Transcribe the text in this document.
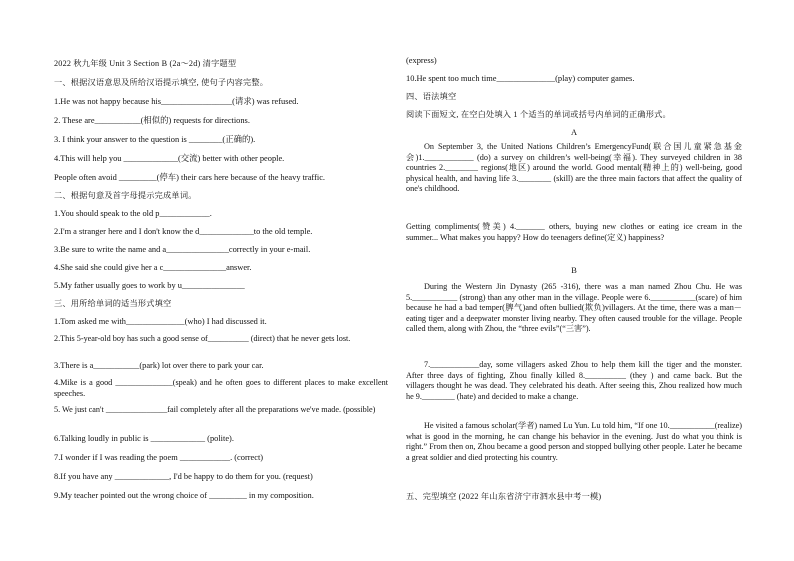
2022 秋九年级 Unit 3 Section B (2a～2d) 清字题型
一、根据汉语意思及所给汉语提示填空, 使句子内容完整。
1.He was not happy because his_________________(请求) was refused.
2. These are___________(相似的) requests for directions.
3. I think your answer to the question is ________(正确的).
4.This will help you _____________(交流) better with other people.
People often avoid _________(停车) their cars here because of the heavy traffic.
二、根据句意及首字母提示完成单词。
1.You should speak to the old p____________.
2.I'm a stranger here and I don't know the d_____________to the old temple.
3.Be sure to write the name and a_______________correctly in your e-mail.
4.She said she could give her a c_______________answer.
5.My father usually goes to work by u_______________
三、用所给单词的适当形式填空
1.Tom asked me with______________(who) I had discussed it.
2.This 5-year-old boy has such a good sense of__________ (direct) that he never gets lost.
3.There is a___________(park) lot over there to park your car.
4.Mike is a good ______________(speak) and he often goes to different places to make excellent speeches.
5. We just can't _______________fail completely after all the preparations we've made. (possible)
6.Talking loudly in public is _____________ (polite).
7.I wonder if I was reading the poem ____________. (correct)
8.If you have any _____________, I'd be happy to do them for you. (request)
9.My teacher pointed out the wrong choice of _________ in my composition.
(express)
10.He spent too much time______________(play) computer games.
四、语法填空
阅读下面短文, 在空白处填入 1 个适当的单词或括号内单词的正确形式。
A
On September 3, the United Nations Children’s EmergencyFund(联合国儿童紧急基金会)1.____________ (do) a survey on children’s well-being(幸福). They surveyed children in 38 countries 2.________ regions(地区) around the world. Good mental(精神上的) well-being, good physical health, and having life 3.________ (skill) are the three main factors that affect the quality of one's childhood.
Getting compliments(赞美) 4._______ others, buying new clothes or eating ice cream in the summer... What makes you happy? How do teenagers define(定义) happiness?
B
During the Western Jin Dynasty (265 -316), there was a man named Zhou Chu. He was 5.___________ (strong) than any other man in the village. People were 6.___________(scare) of him because he had a bad temper(脾气)and often bullied(欺负)villagers. At the time, there was a man－eating tiger and a deepwater monster living nearby. They often caused trouble for the village. People called them, along with Zhou, the “three evils”(“三害”).
7.____________day, some villagers asked Zhou to help them kill the tiger and the monster. After three days of fighting, Zhou finally killed 8.__________ (they ) and came back. But the villagers thought he was dead. They celebrated his death. After seeing this, Zhou realized how much he 9.________ (hate) and decided to make a change.
He visited a famous scholar(学者) named Lu Yun. Lu told him, “If one 10.___________(realize) what is good in the morning, he can change his behavior in the evening. Just do what you think is right.” From then on, Zhou became a good person and stopped bullying other people. Later he became a great soldier and died protecting his country.
五、完型填空 (2022 年山东省济宁市泗水县中考一模)
